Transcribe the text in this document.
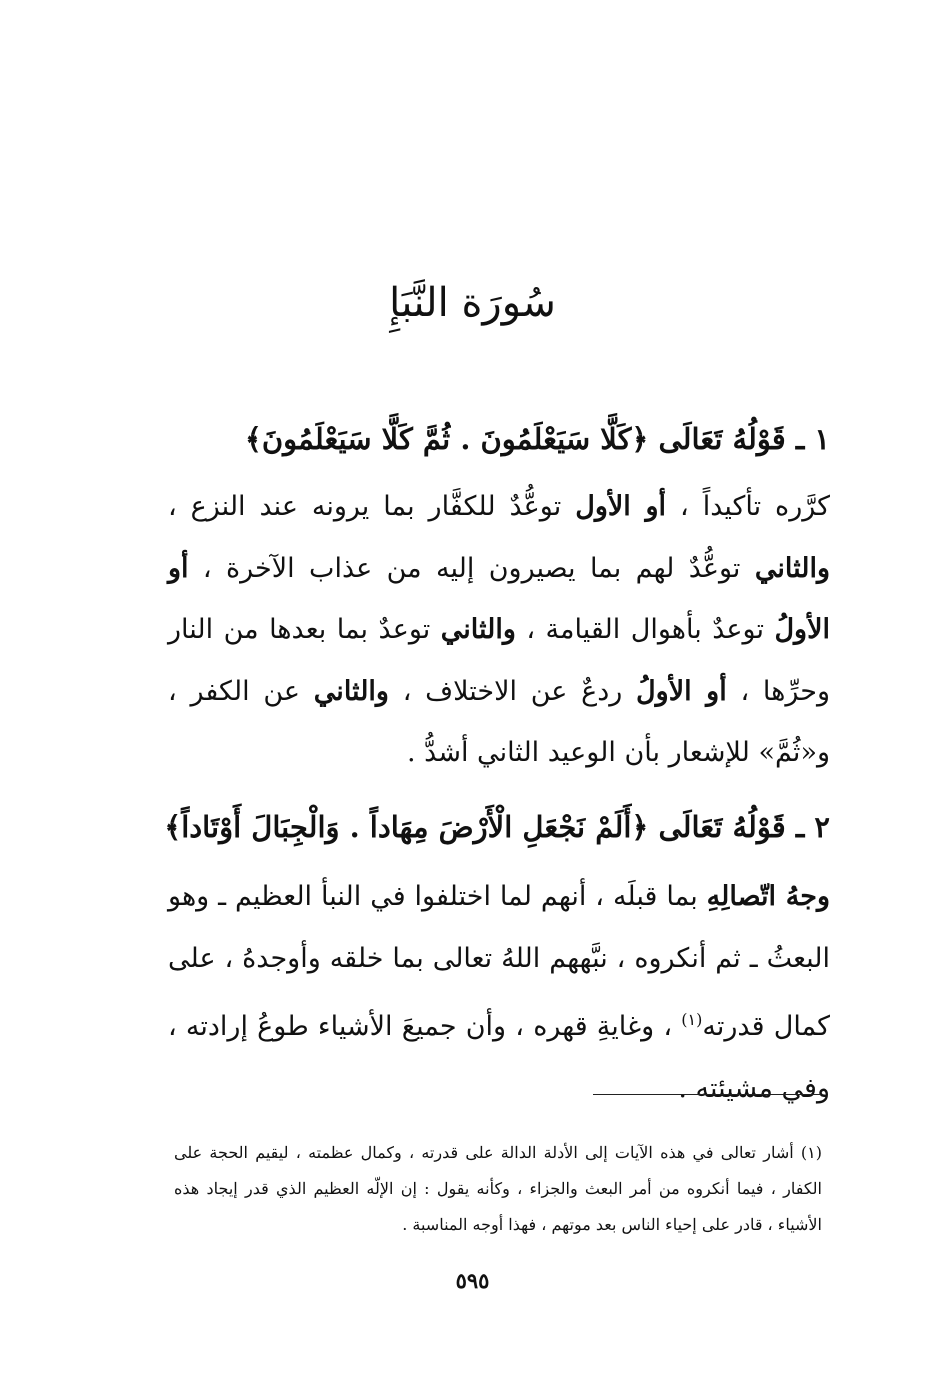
سُورَة النَّبَإِ
١ ـ قَوْلُهُ تَعَالَى ﴿كَلَّا سَيَعْلَمُونَ . ثُمَّ كَلَّا سَيَعْلَمُونَ﴾
كرَّره تأكيداً ، أو الأول توعُّدٌ للكفَّار بما يرونه عند النزع ، والثاني توعُّدٌ لهم بما يصيرون إليه من عذاب الآخرة ، أو الأولُ توعدٌ بأهوال القيامة ، والثاني توعدٌ بما بعدها من النار وحرِّها ، أو الأولُ ردعٌ عن الاختلاف ، والثاني عن الكفر ، و«ثُمَّ» للإشعار بأن الوعيد الثاني أشدُّ .
٢ ـ قَوْلُهُ تَعَالَى ﴿أَلَمْ نَجْعَلِ الْأَرْضَ مِهَاداً . وَالْجِبَالَ أَوْتَاداً﴾
وجهُ اتّصالِهِ بما قبلَه ، أنهم لما اختلفوا في النبأ العظيم ـ وهو البعثُ ـ ثم أنكروه ، نبَّههم اللهُ تعالى بما خلقه وأوجدهُ ، على كمال قدرته$^{(١)}$ ، وغايةِ قهره ، وأن جميعَ الأشياء طوعُ إرادته ، وفي مشيئته .
(١) أشار تعالى في هذه الآيات إلى الأدلة الدالة على قدرته ، وكمال عظمته ، ليقيم الحجة على الكفار ، فيما أنكروه من أمر البعث والجزاء ، وكأنه يقول : إن الإلّه العظيم الذي قدر إيجاد هذه الأشياء ، قادر على إحياء الناس بعد موتهم ، فهذا أوجه المناسبة .
٥٩٥
